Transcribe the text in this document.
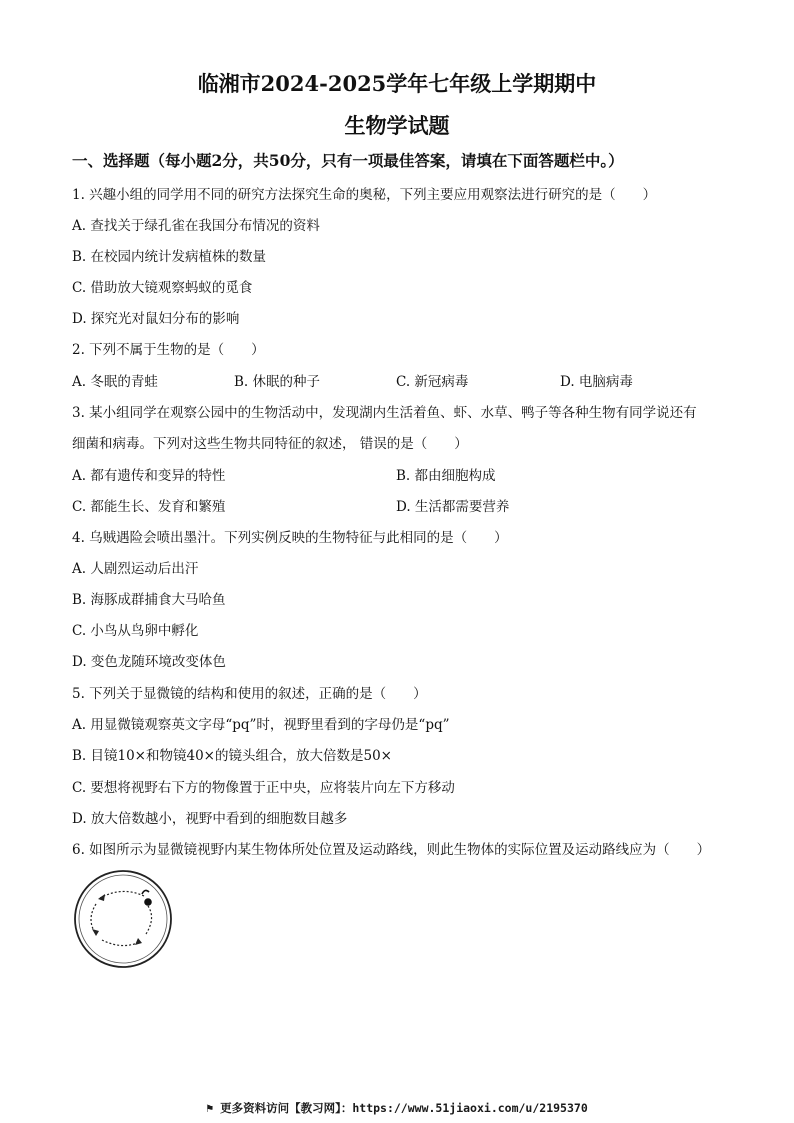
临湘市2024-2025学年七年级上学期期中
生物学试题
一、选择题（每小题2分，共50分，只有一项最佳答案，请填在下面答题栏中。）
1. 兴趣小组的同学用不同的研究方法探究生命的奥秘，下列主要应用观察法进行研究的是（　　）
A. 查找关于绿孔雀在我国分布情况的资料
B. 在校园内统计发病植株的数量
C. 借助放大镜观察蚂蚁的觅食
D. 探究光对鼠妇分布的影响
2. 下列不属于生物的是（　　）
A. 冬眠的青蛙	B. 休眠的种子	C. 新冠病毒	D. 电脑病毒
3. 某小组同学在观察公园中的生物活动中，发现湖内生活着鱼、虾、水草、鸭子等各种生物有同学说还有
细菌和病毒。下列对这些生物共同特征的叙述， 错误的是（　　）
A. 都有遗传和变异的特性	B. 都由细胞构成
C. 都能生长、发育和繁殖	D. 生活都需要营养
4. 乌贼遇险会喷出墨汁。下列实例反映的生物特征与此相同的是（　　）
A. 人剧烈运动后出汗
B. 海豚成群捕食大马哈鱼
C. 小鸟从鸟卵中孵化
D. 变色龙随环境改变体色
5. 下列关于显微镜的结构和使用的叙述，正确的是（　　）
A. 用显微镜观察英文字母“pq”时，视野里看到的字母仍是“pq”
B. 目镜10×和物镜40×的镜头组合，放大倍数是50×
C. 要想将视野右下方的物像置于正中央，应将装片向左下方移动
D. 放大倍数越小，视野中看到的细胞数目越多
6. 如图所示为显微镜视野内某生物体所处位置及运动路线，则此生物体的实际位置及运动路线应为（　　）
⚑ 更多资料访问【教习网】：https://www.51jiaoxi.com/u/2195370
